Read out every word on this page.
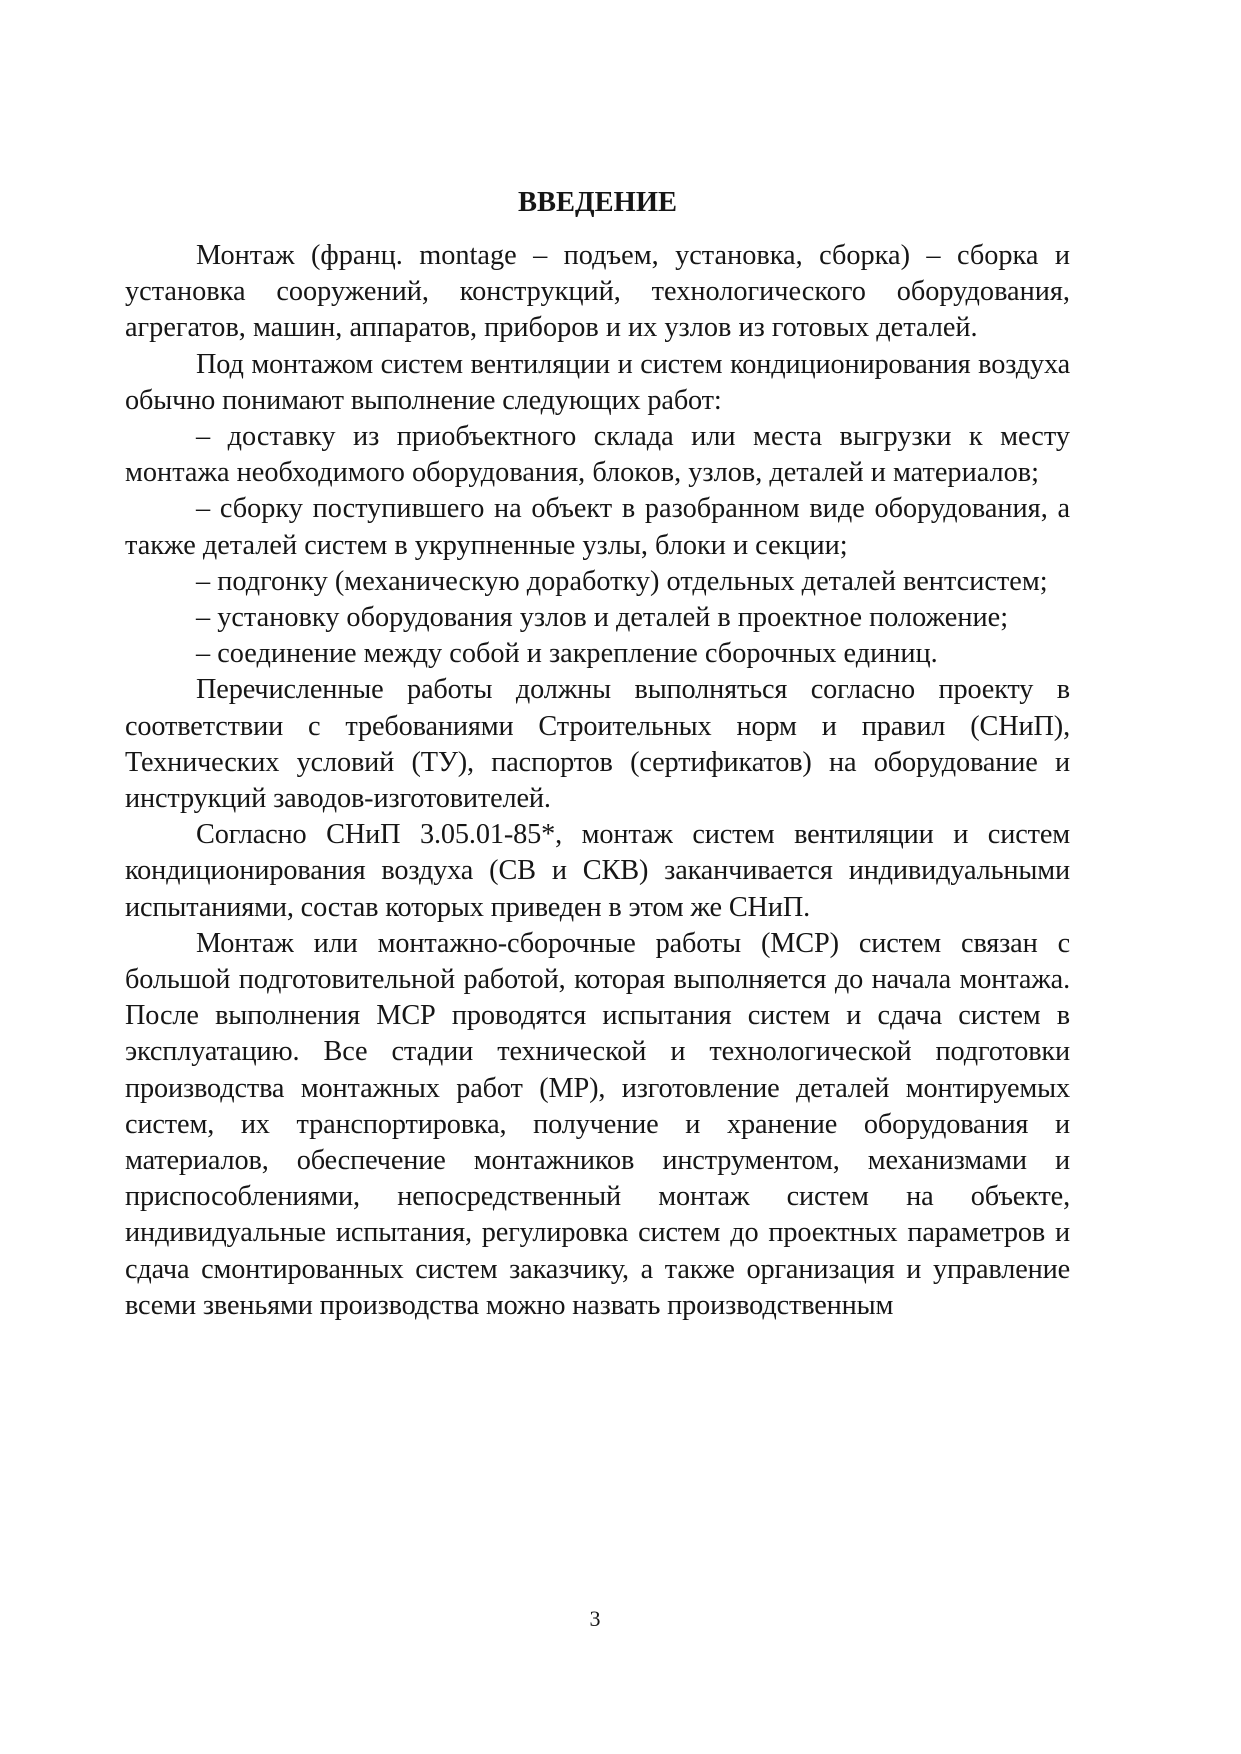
ВВЕДЕНИЕ

Монтаж (франц. montage – подъем, установка, сборка) – сборка и установка сооружений, конструкций, технологического оборудования, агрегатов, машин, аппаратов, приборов и их узлов из готовых деталей.

Под монтажом систем вентиляции и систем кондиционирования воздуха обычно понимают выполнение следующих работ:

– доставку из приобъектного склада или места выгрузки к месту монтажа необходимого оборудования, блоков, узлов, деталей и материалов;

– сборку поступившего на объект в разобранном виде оборудования, а также деталей систем в укрупненные узлы, блоки и секции;

– подгонку (механическую доработку) отдельных деталей вентсистем;

– установку оборудования узлов и деталей в проектное положение;

– соединение между собой и закрепление сборочных единиц.

Перечисленные работы должны выполняться согласно проекту в соответствии с требованиями Строительных норм и правил (СНиП), Технических условий (ТУ), паспортов (сертификатов) на оборудование и инструкций заводов-изготовителей.

Согласно СНиП 3.05.01-85*, монтаж систем вентиляции и систем кондиционирования воздуха (СВ и СКВ) заканчивается индивидуальными испытаниями, состав которых приведен в этом же СНиП.

Монтаж или монтажно-сборочные работы (МСР) систем связан с большой подготовительной работой, которая выполняется до начала монтажа. После выполнения МСР проводятся испытания систем и сдача систем в эксплуатацию. Все стадии технической и технологической подготовки производства монтажных работ (МР), изготовление деталей монтируемых систем, их транспортировка, получение и хранение оборудования и материалов, обеспечение монтажников инструментом, механизмами и приспособлениями, непосредственный монтаж систем на объекте, индивидуальные испытания, регулировка систем до проектных параметров и сдача смонтированных систем заказчику, а также организация и управление всеми звеньями производства можно назвать производственным

3
